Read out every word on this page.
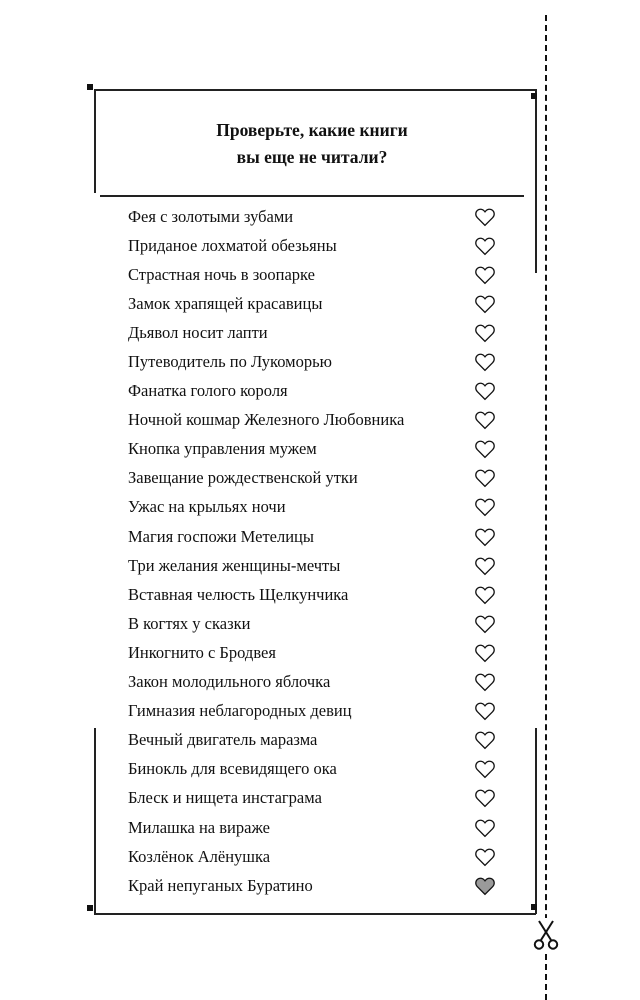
Проверьте, какие книги
вы еще не читали?
Фея с золотыми зубами
Приданое лохматой обезьяны
Страстная ночь в зоопарке
Замок храпящей красавицы
Дьявол носит лапти
Путеводитель по Лукоморью
Фанатка голого короля
Ночной кошмар Железного Любовника
Кнопка управления мужем
Завещание рождественской утки
Ужас на крыльях ночи
Магия госпожи Метелицы
Три желания женщины-мечты
Вставная челюсть Щелкунчика
В когтях у сказки
Инкогнито с Бродвея
Закон молодильного яблочка
Гимназия неблагородных девиц
Вечный двигатель маразма
Бинокль для всевидящего ока
Блеск и нищета инстаграма
Милашка на вираже
Козлёнок Алёнушка
Край непуганых Буратино
